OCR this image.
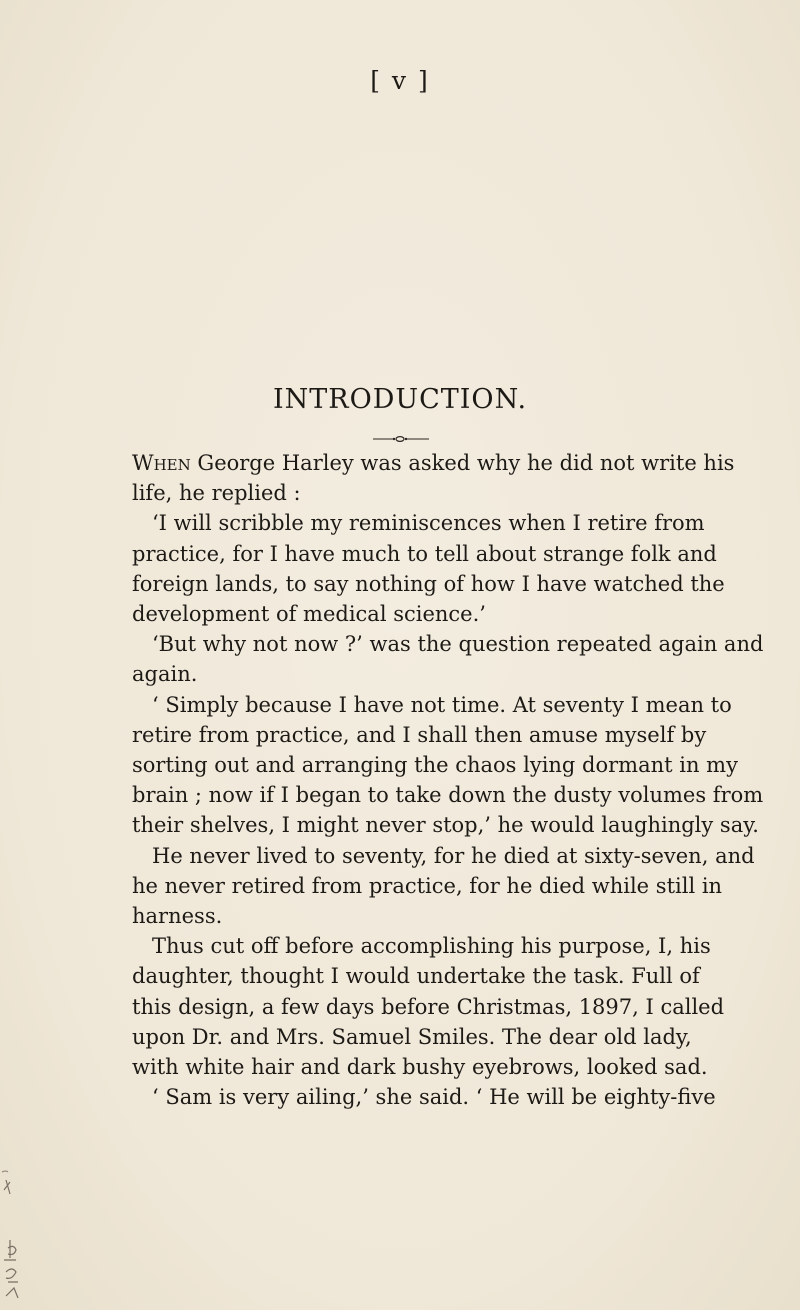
[ v ]
INTRODUCTION.
When George Harley was asked why he did not write his
life, he replied :
‘I will scribble my reminiscences when I retire from
practice, for I have much to tell about strange folk and
foreign lands, to say nothing of how I have watched the
development of medical science.’
‘But why not now ?’ was the question repeated again and
again.
‘ Simply because I have not time. At seventy I mean to
retire from practice, and I shall then amuse myself by
sorting out and arranging the chaos lying dormant in my
brain ; now if I began to take down the dusty volumes from
their shelves, I might never stop,’ he would laughingly say.
He never lived to seventy, for he died at sixty-seven, and
he never retired from practice, for he died while still in
harness.
Thus cut off before accomplishing his purpose, I, his
daughter, thought I would undertake the task. Full of
this design, a few days before Christmas, 1897, I called
upon Dr. and Mrs. Samuel Smiles. The dear old lady,
with white hair and dark bushy eyebrows, looked sad.
‘ Sam is very ailing,’ she said. ‘ He will be eighty-five
